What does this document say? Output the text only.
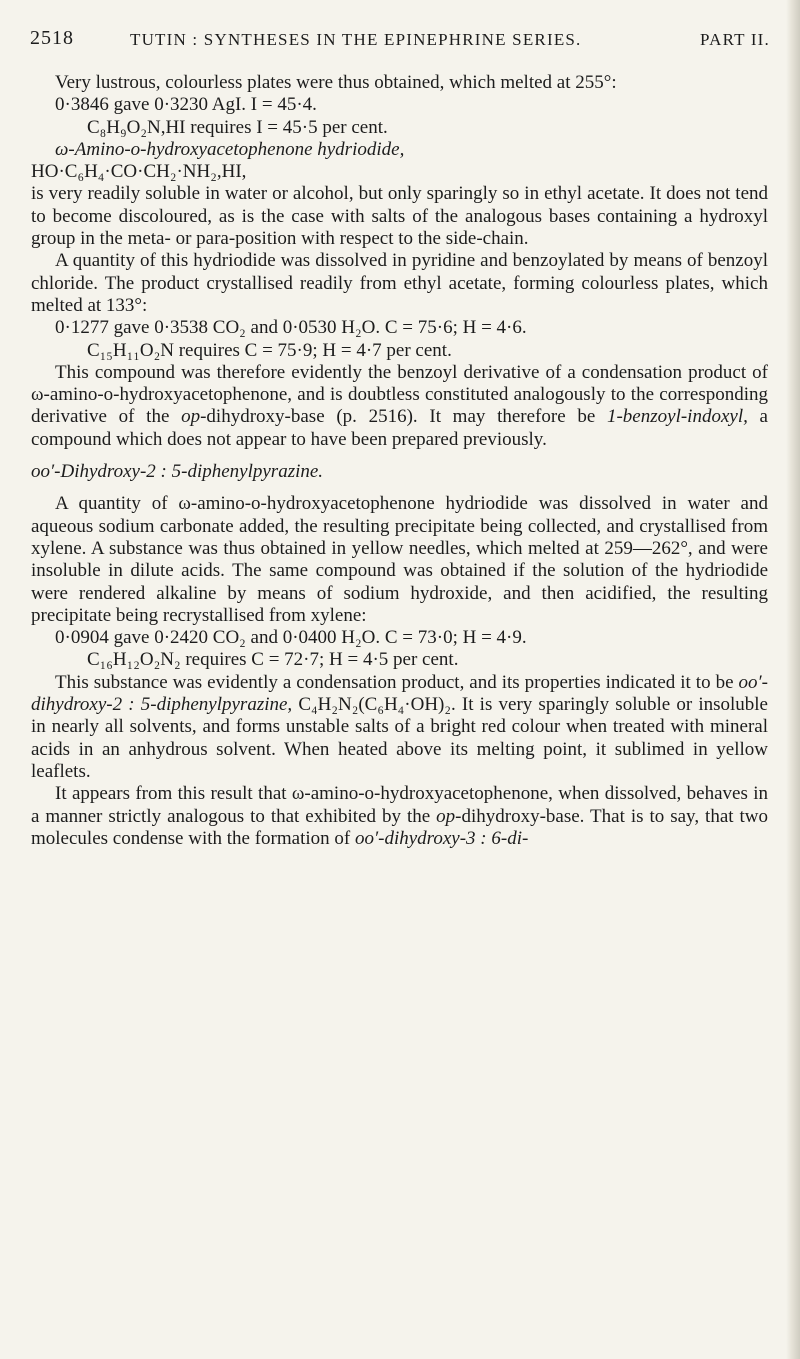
2518	TUTIN : SYNTHESES IN THE EPINEPHRINE SERIES.	PART II.

Very lustrous, colourless plates were thus obtained, which melted at 255°:

0·3846 gave 0·3230 AgI. I = 45·4.

C₈H₉O₂N,HI requires I = 45·5 per cent.

ω-Amino-o-hydroxyacetophenone hydriodide,

HO·C₆H₄·CO·CH₂·NH₂,HI,

is very readily soluble in water or alcohol, but only sparingly so in ethyl acetate. It does not tend to become discoloured, as is the case with salts of the analogous bases containing a hydroxyl group in the meta- or para-position with respect to the side-chain.

A quantity of this hydriodide was dissolved in pyridine and benzoylated by means of benzoyl chloride. The product crystallised readily from ethyl acetate, forming colourless plates, which melted at 133°:

0·1277 gave 0·3538 CO₂ and 0·0530 H₂O. C = 75·6; H = 4·6.

C₁₅H₁₁O₂N requires C = 75·9; H = 4·7 per cent.

This compound was therefore evidently the benzoyl derivative of a condensation product of ω-amino-o-hydroxyacetophenone, and is doubtless constituted analogously to the corresponding derivative of the op-dihydroxy-base (p. 2516). It may therefore be 1-benzoyl-indoxyl, a compound which does not appear to have been prepared previously.

oo′-Dihydroxy-2 : 5-diphenylpyrazine.

A quantity of ω-amino-o-hydroxyacetophenone hydriodide was dissolved in water and aqueous sodium carbonate added, the resulting precipitate being collected, and crystallised from xylene. A substance was thus obtained in yellow needles, which melted at 259—262°, and were insoluble in dilute acids. The same compound was obtained if the solution of the hydriodide were rendered alkaline by means of sodium hydroxide, and then acidified, the resulting precipitate being recrystallised from xylene:

0·0904 gave 0·2420 CO₂ and 0·0400 H₂O. C = 73·0; H = 4·9.

C₁₆H₁₂O₂N₂ requires C = 72·7; H = 4·5 per cent.

This substance was evidently a condensation product, and its properties indicated it to be oo′-dihydroxy-2 : 5-diphenylpyrazine, C₄H₂N₂(C₆H₄·OH)₂. It is very sparingly soluble or insoluble in nearly all solvents, and forms unstable salts of a bright red colour when treated with mineral acids in an anhydrous solvent. When heated above its melting point, it sublimed in yellow leaflets.

It appears from this result that ω-amino-o-hydroxyacetophenone, when dissolved, behaves in a manner strictly analogous to that exhibited by the op-dihydroxy-base. That is to say, that two molecules condense with the formation of oo′-dihydroxy-3 : 6-di-
